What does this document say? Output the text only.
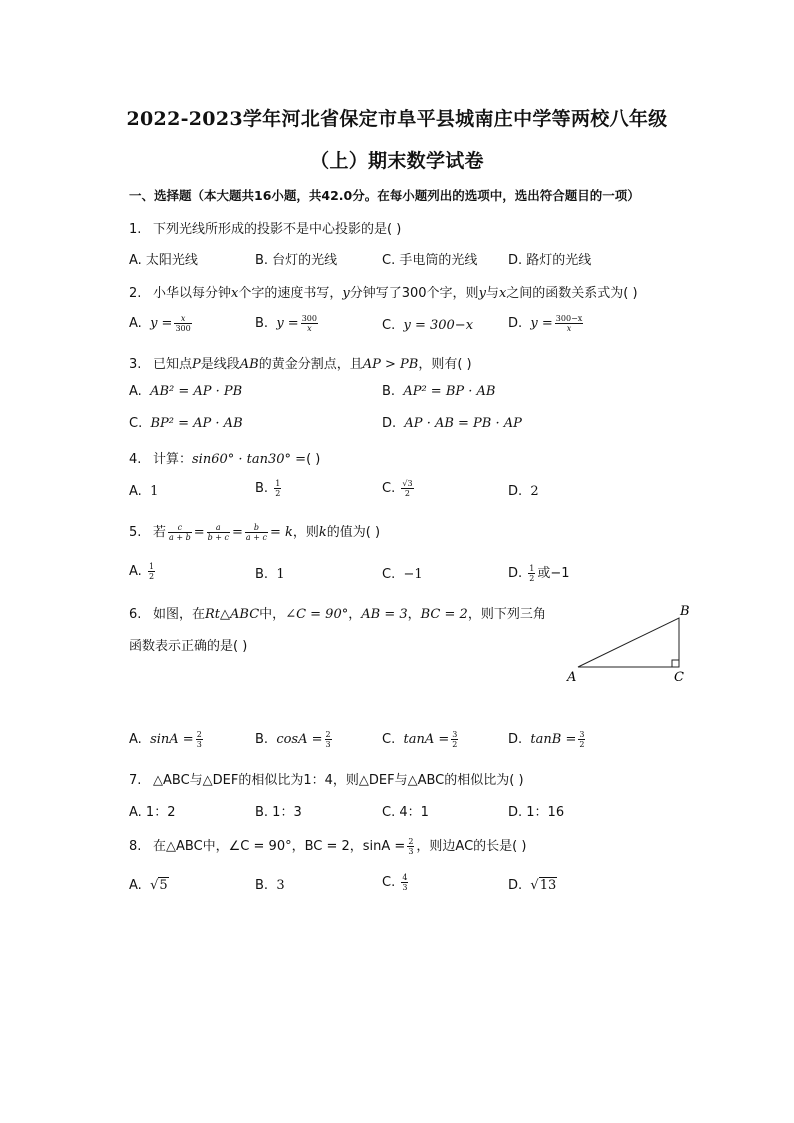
2022-2023学年河北省保定市阜平县城南庄中学等两校八年级
（上）期末数学试卷
一、选择题（本大题共16小题，共42.0分。在每小题列出的选项中，选出符合题目的一项）
1. 下列光线所形成的投影不是中心投影的是( )
A. 太阳光线	B. 台灯的光线	C. 手电筒的光线 D. 路灯的光线
2. 小华以每分钟x个字的速度书写，y分钟写了300个字，则y与x之间的函数关系式为( )
A. $y = \frac{x}{300}$	B. $y = \frac{300}{x}$	C. y = 300−x	D. $y = \frac{300-x}{x}$
3. 已知点P是线段AB的黄金分割点，且AP > PB，则有( )
A. AB² = AP · PB	B. AP² = BP · AB
C. BP² = AP · AB	D. AP · AB = PB · AP
4. 计算：sin60° · tan30° =( )
A. 1	B. $\frac{1}{2}$	C. $\frac{√3}{2}$	D. 2
5. 若 $\frac{c}{a + b} = \frac{a}{b + c} = \frac{b}{a + c} = k$，则k的值为( )
A. $\frac{1}{2}$	B. 1	C. −1	D. $\frac{1}{2}$ 或−1
6. 如图，在Rt△ABC中，∠C = 90°，AB = 3，BC = 2，则下列三角
函数表示正确的是( )
B
A	C
A. $\sin A = \frac{2}{3}$	B. $\cos A = \frac{2}{3}$	C. $\tan A = \frac{3}{2}$	D. $\tan B = \frac{3}{2}$
7. △ABC与△DEF的相似比为1：4，则△DEF与△ABC的相似比为( )
A. 1：2	B. 1：3	C. 4：1	D. 1：16
8. 在△ABC中，∠C = 90°，BC = 2，$\sin A = \frac{2}{3}$ ，则边AC的长是( )
A. √5	B. 3	C. $\frac{4}{3}$	D. √13
